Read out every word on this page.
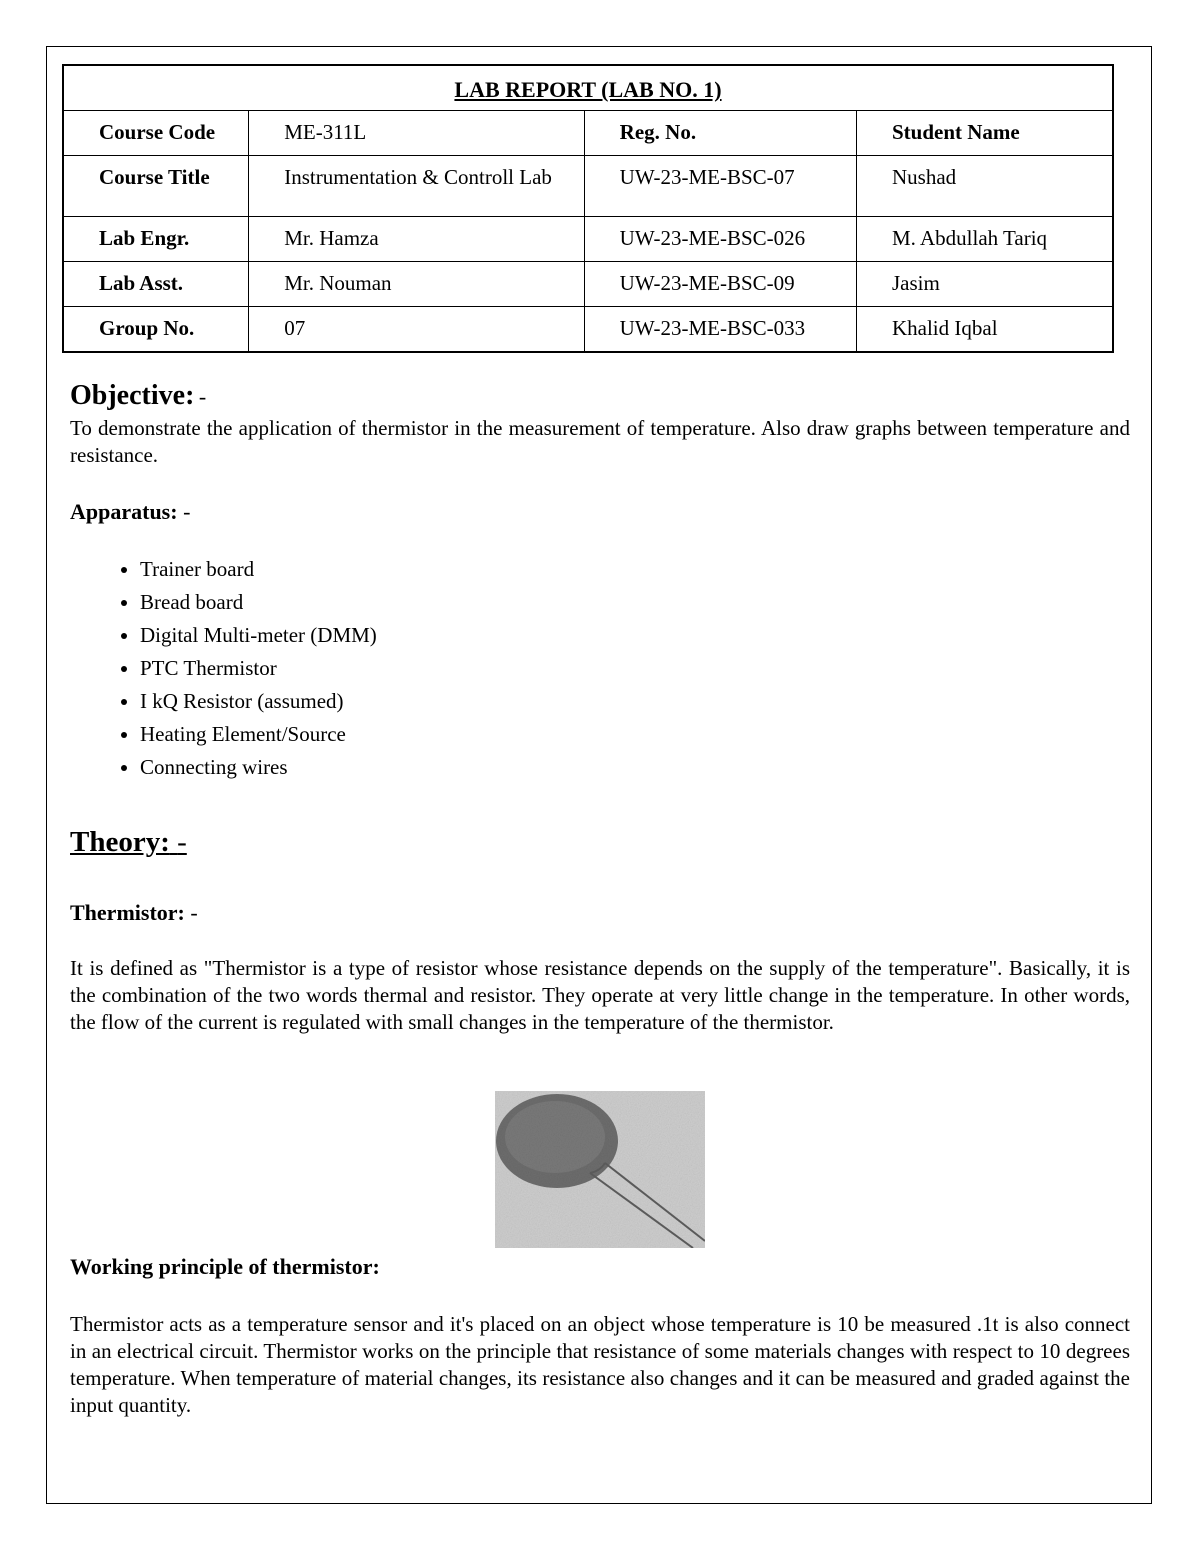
LAB REPORT (LAB NO. 1)			
Course Code	ME-311L	Reg. No.	Student Name
Course Title	Instrumentation & Controll Lab	UW-23-ME-BSC-07	Nushad
Lab Engr.	Mr. Hamza	UW-23-ME-BSC-026	M. Abdullah Tariq
Lab Asst.	Mr. Nouman	UW-23-ME-BSC-09	Jasim
Group No.	07	UW-23-ME-BSC-033	Khalid Iqbal
Objective: -
To demonstrate the application of thermistor in the measurement of temperature. Also draw graphs between temperature and resistance.
Apparatus: -
• Trainer board
• Bread board
• Digital Multi-meter (DMM)
• PTC Thermistor
• I kQ Resistor (assumed)
• Heating Element/Source
• Connecting wires
Theory: -
Thermistor: -
It is defined as "Thermistor is a type of resistor whose resistance depends on the supply of the temperature". Basically, it is the combination of the two words thermal and resistor. They operate at very little change in the temperature. In other words, the flow of the current is regulated with small changes in the temperature of the thermistor.
Working principle of thermistor:
Thermistor acts as a temperature sensor and it's placed on an object whose temperature is 10 be measured .1t is also connect in an electrical circuit. Thermistor works on the principle that resistance of some materials changes with respect to 10 degrees temperature. When temperature of material changes, its resistance also changes and it can be measured and graded against the input quantity.
